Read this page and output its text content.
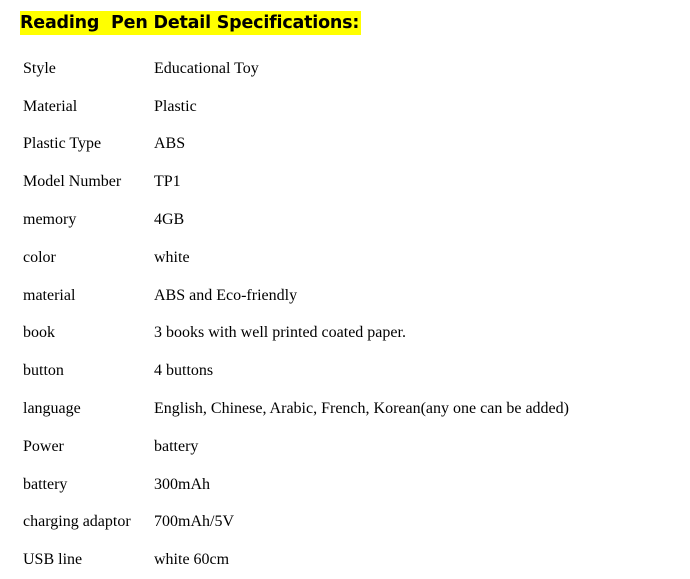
Reading  Pen Detail Specifications:
Style	Educational Toy
Material	Plastic
Plastic Type	ABS
Model Number	TP1
memory	4GB
color	white
material	ABS and Eco-friendly
book	3 books with well printed coated paper.
button	4 buttons
language	English, Chinese, Arabic, French, Korean(any one can be added)
Power	battery
battery	300mAh
charging adaptor	700mAh/5V
USB line	white 60cm
